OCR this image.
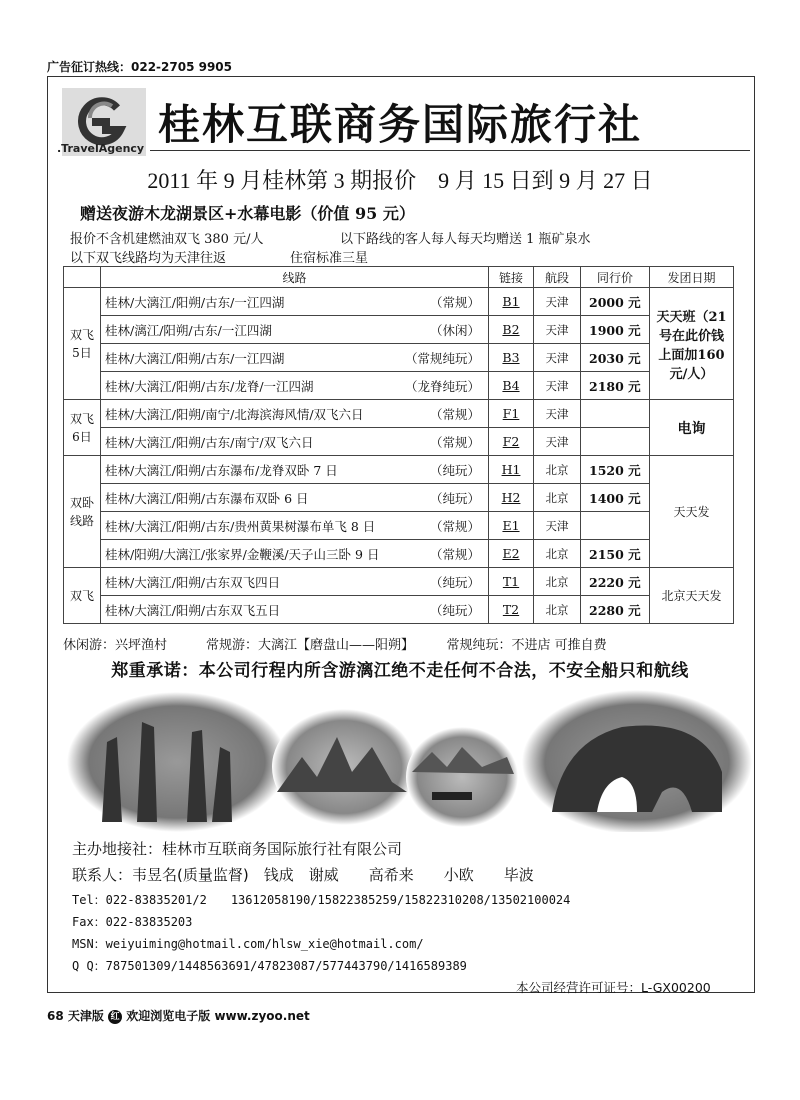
广告征订热线：022-2705 9905
.TravelAgency 桂林互联商务国际旅行社
2011 年 9 月桂林第 3 期报价　9 月 15 日到 9 月 27 日
赠送夜游木龙湖景区+水幕电影（价值 95 元）
报价不含机建燃油双飞 380 元/人	以下路线的客人每人每天均赠送 1 瓶矿泉水
以下双飞线路均为天津往返	住宿标准三星
	线路	链接	航段	同行价	发团日期
双飞5日	桂林/大漓江/阳朔/古东/一江四湖 （常规）	B1	天津	2000 元	天天班（21号在此价钱上面加160 元/人）
	桂林/漓江/阳朔/古东/一江四湖 （休闲）	B2	天津	1900 元	
	桂林/大漓江/阳朔/古东/一江四湖 （常规纯玩）	B3	天津	2030 元	
	桂林/大漓江/阳朔/古东/龙脊/一江四湖 （龙脊纯玩）	B4	天津	2180 元	
双飞6日	桂林/大漓江/阳朔/南宁/北海滨海风情/双飞六日 （常规）	F1	天津		电询
	桂林/大漓江/阳朔/古东/南宁/双飞六日 （常规）	F2	天津		
双卧线路	桂林/大漓江/阳朔/古东瀑布/龙脊双卧 7 日 （纯玩）	H1	北京	1520 元	天天发
	桂林/大漓江/阳朔/古东瀑布双卧 6 日 （纯玩）	H2	北京	1400 元	
	桂林/大漓江/阳朔/古东/贵州黄果树瀑布单飞 8 日 （常规）	E1	天津		
	桂林/阳朔/大漓江/张家界/金鞭溪/天子山三卧 9 日 （常规）	E2	北京	2150 元	
双飞	桂林/大漓江/阳朔/古东双飞四日 （纯玩）	T1	北京	2220 元	北京天天发
	桂林/大漓江/阳朔/古东双飞五日 （纯玩）	T2	北京	2280 元	
休闲游：兴坪渔村　　　常规游：大漓江【磨盘山——阳朔】　　　常规纯玩：不进店 可推自费
郑重承诺：本公司行程内所含游漓江绝不走任何不合法，不安全船只和航线
主办地接社：桂林市互联商务国际旅行社有限公司
联系人：韦昱名(质量监督)　钱成　谢威　　高希来　　小欧　　毕波
Tel：022-83835201/2　　13612058190/15822385259/15822310208/13502100024
Fax：022-83835203
MSN：weiyuiming@hotmail.com/hlsw_xie@hotmail.com/
Q Q：787501309/1448563691/47823087/577443790/1416589389
本公司经营许可证号：L-GX00200
68 天津版 红 欢迎浏览电子版 www.zyoo.net
